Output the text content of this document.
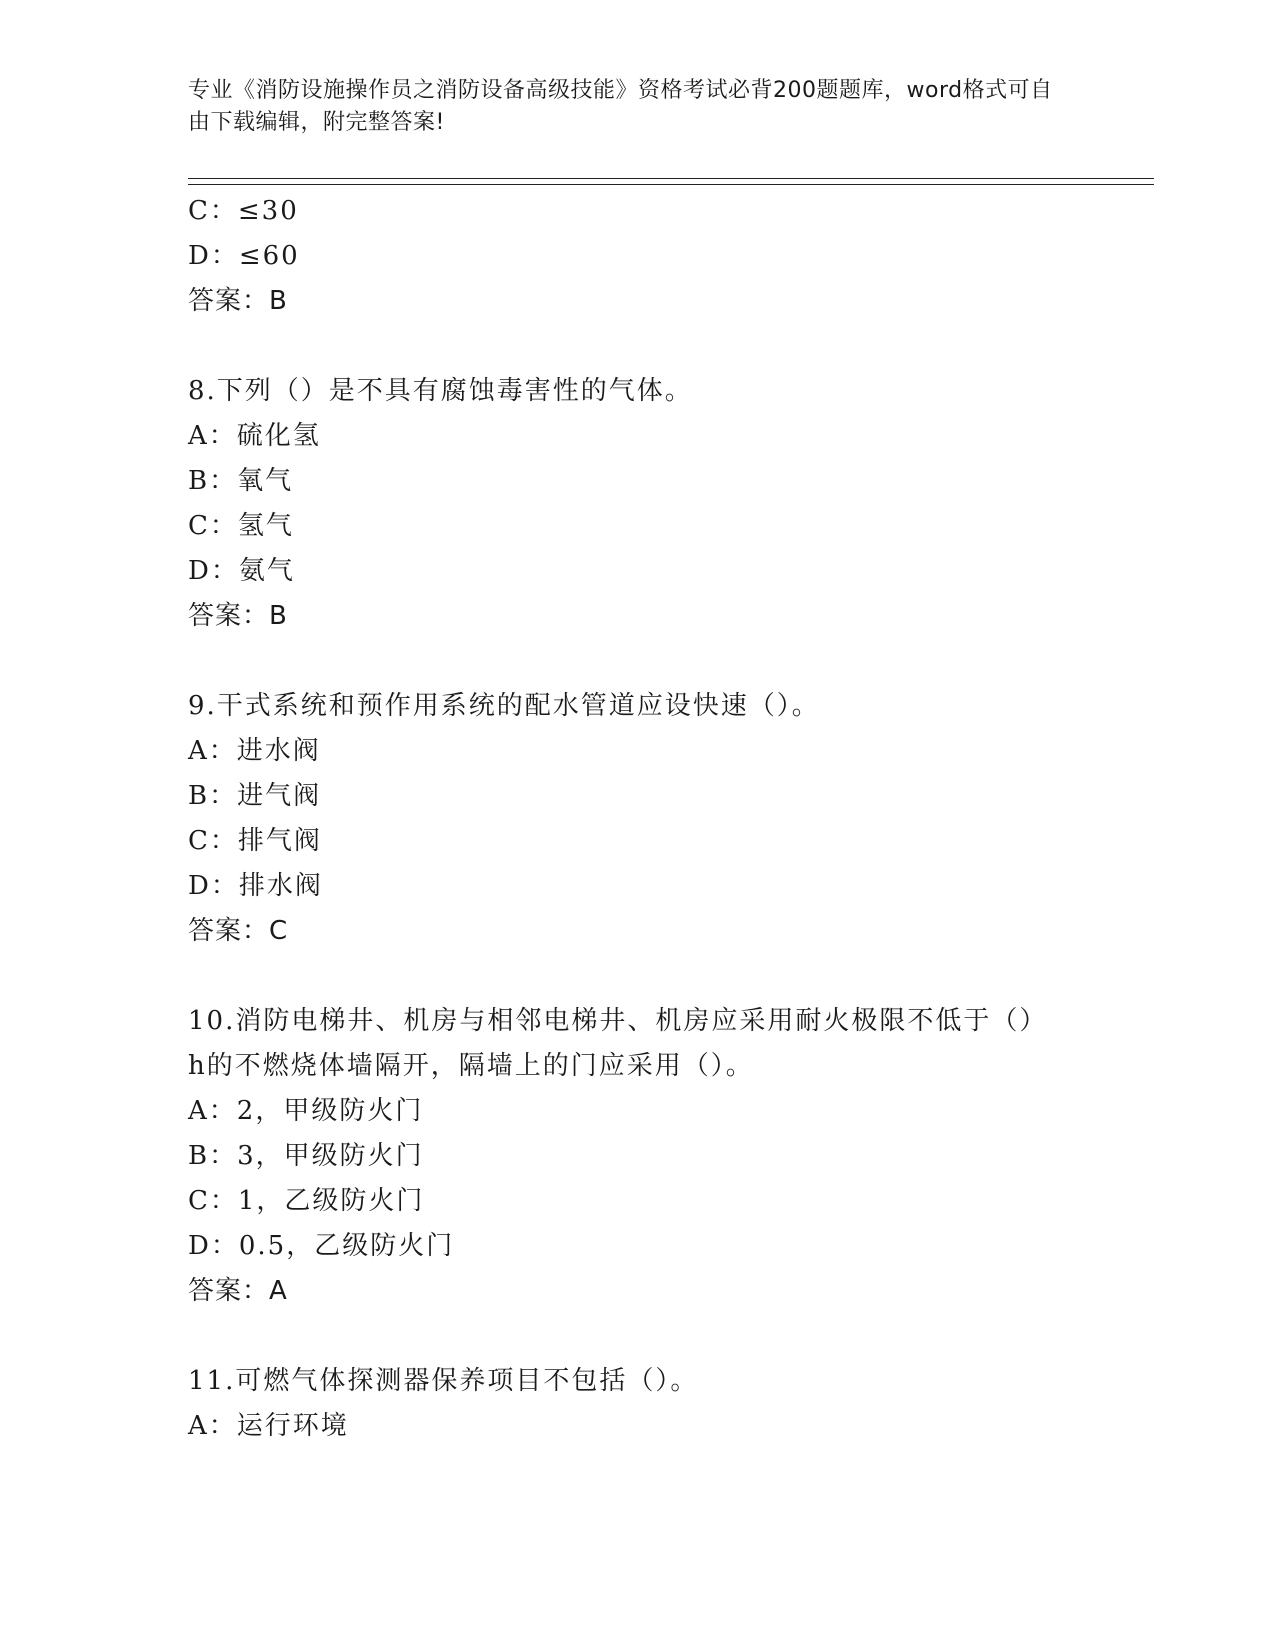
专业《消防设施操作员之消防设备高级技能》资格考试必背200题题库，word格式可自由下载编辑，附完整答案!
C：≤30
D：≤60
答案：B
8.下列（）是不具有腐蚀毒害性的气体。
A：硫化氢
B：氧气
C：氢气
D：氨气
答案：B
9.干式系统和预作用系统的配水管道应设快速（）。
A：进水阀
B：进气阀
C：排气阀
D：排水阀
答案：C
10.消防电梯井、机房与相邻电梯井、机房应采用耐火极限不低于（）
h的不燃烧体墙隔开，隔墙上的门应采用（）。
A：2，甲级防火门
B：3，甲级防火门
C：1，乙级防火门
D：0.5，乙级防火门
答案：A
11.可燃气体探测器保养项目不包括（）。
A：运行环境
